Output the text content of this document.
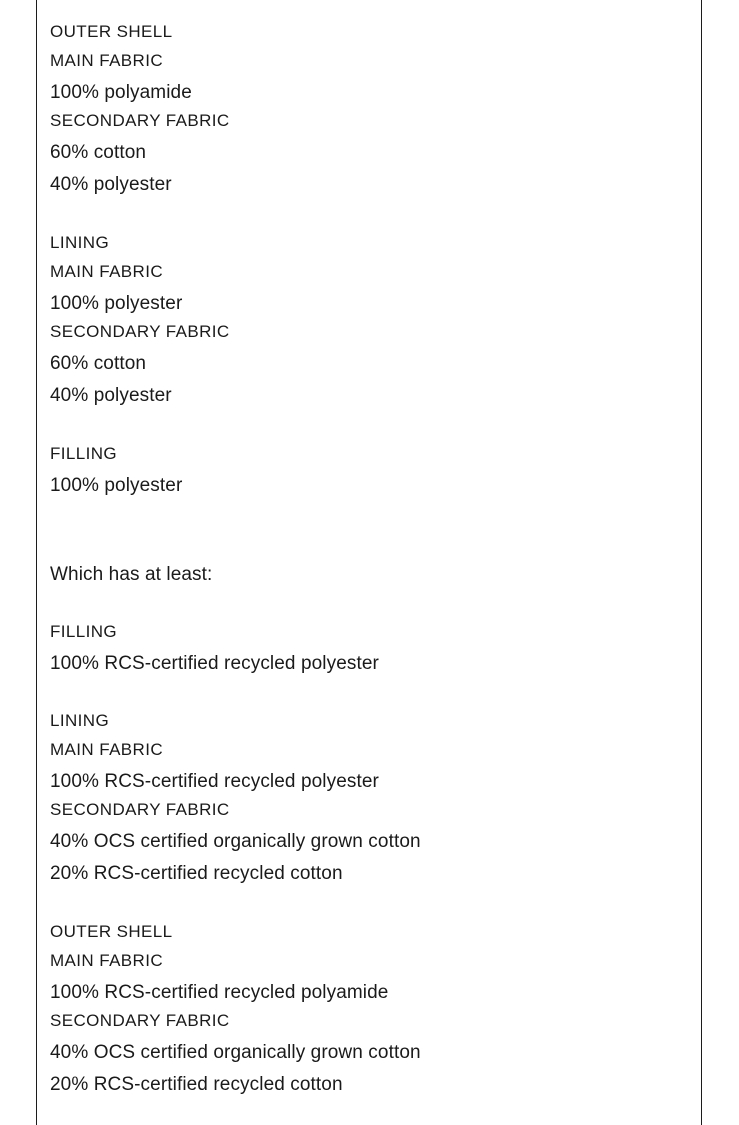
OUTER SHELL
MAIN FABRIC
100% polyamide
SECONDARY FABRIC
60% cotton
40% polyester
LINING
MAIN FABRIC
100% polyester
SECONDARY FABRIC
60% cotton
40% polyester
FILLING
100% polyester
Which has at least:
FILLING
100% RCS-certified recycled polyester
LINING
MAIN FABRIC
100% RCS-certified recycled polyester
SECONDARY FABRIC
40% OCS certified organically grown cotton
20% RCS-certified recycled cotton
OUTER SHELL
MAIN FABRIC
100% RCS-certified recycled polyamide
SECONDARY FABRIC
40% OCS certified organically grown cotton
20% RCS-certified recycled cotton
